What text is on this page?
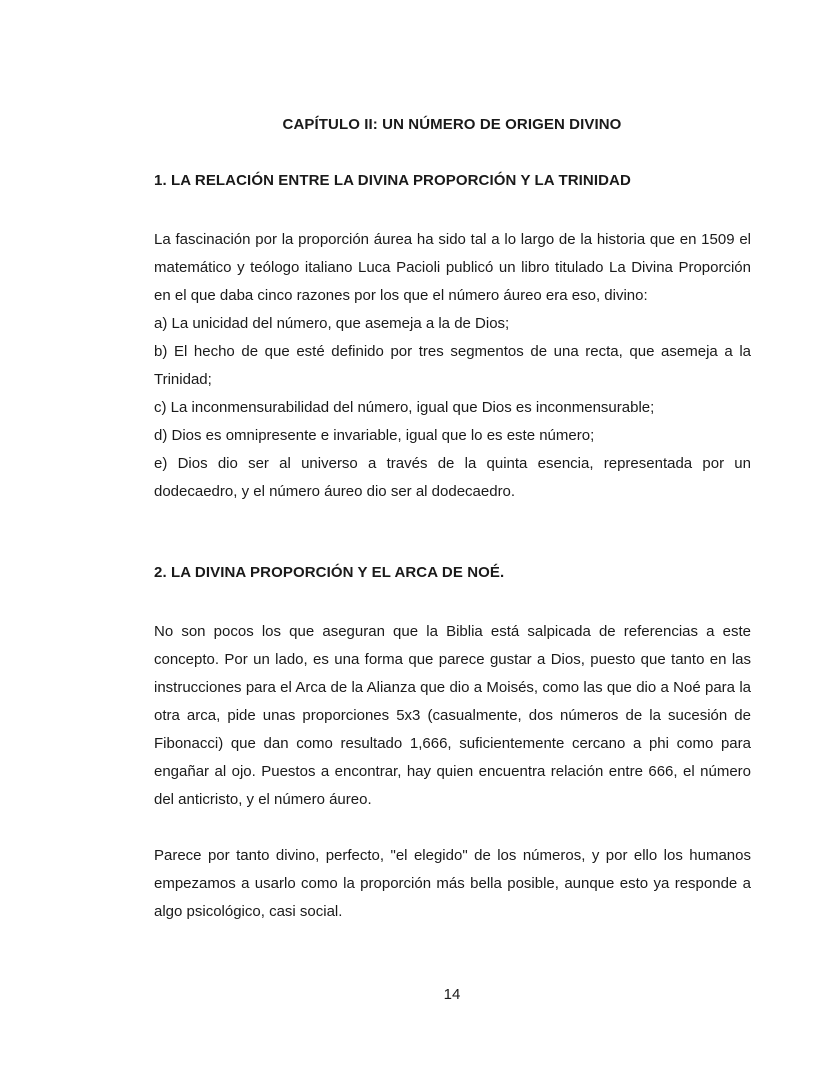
CAPÍTULO II: UN NÚMERO DE ORIGEN DIVINO
1. LA RELACIÓN ENTRE LA DIVINA PROPORCIÓN Y LA TRINIDAD

La fascinación por la proporción áurea ha sido tal a lo largo de la historia que en 1509 el matemático y teólogo italiano Luca Pacioli publicó un libro titulado La Divina Proporción en el que daba cinco razones por los que el número áureo era eso, divino:

a) La unicidad del número, que asemeja a la de Dios;

b) El hecho de que esté definido por tres segmentos de una recta, que asemeja a la Trinidad;

c) La inconmensurabilidad del número, igual que Dios es inconmensurable;

d) Dios es omnipresente e invariable, igual que lo es este número;

e) Dios dio ser al universo a través de la quinta esencia, representada por un dodecaedro, y el número áureo dio ser al dodecaedro.

2. LA DIVINA PROPORCIÓN Y EL ARCA DE NOÉ.

No son pocos los que aseguran que la Biblia está salpicada de referencias a este concepto. Por un lado, es una forma que parece gustar a Dios, puesto que tanto en las instrucciones para el Arca de la Alianza que dio a Moisés, como las que dio a Noé para la otra arca, pide unas proporciones 5x3 (casualmente, dos números de la sucesión de Fibonacci) que dan como resultado 1,666, suficientemente cercano a phi como para engañar al ojo. Puestos a encontrar, hay quien encuentra relación entre 666, el número del anticristo, y el número áureo.

Parece por tanto divino, perfecto, "el elegido" de los números, y por ello los humanos empezamos a usarlo como la proporción más bella posible, aunque esto ya responde a algo psicológico, casi social.

14
